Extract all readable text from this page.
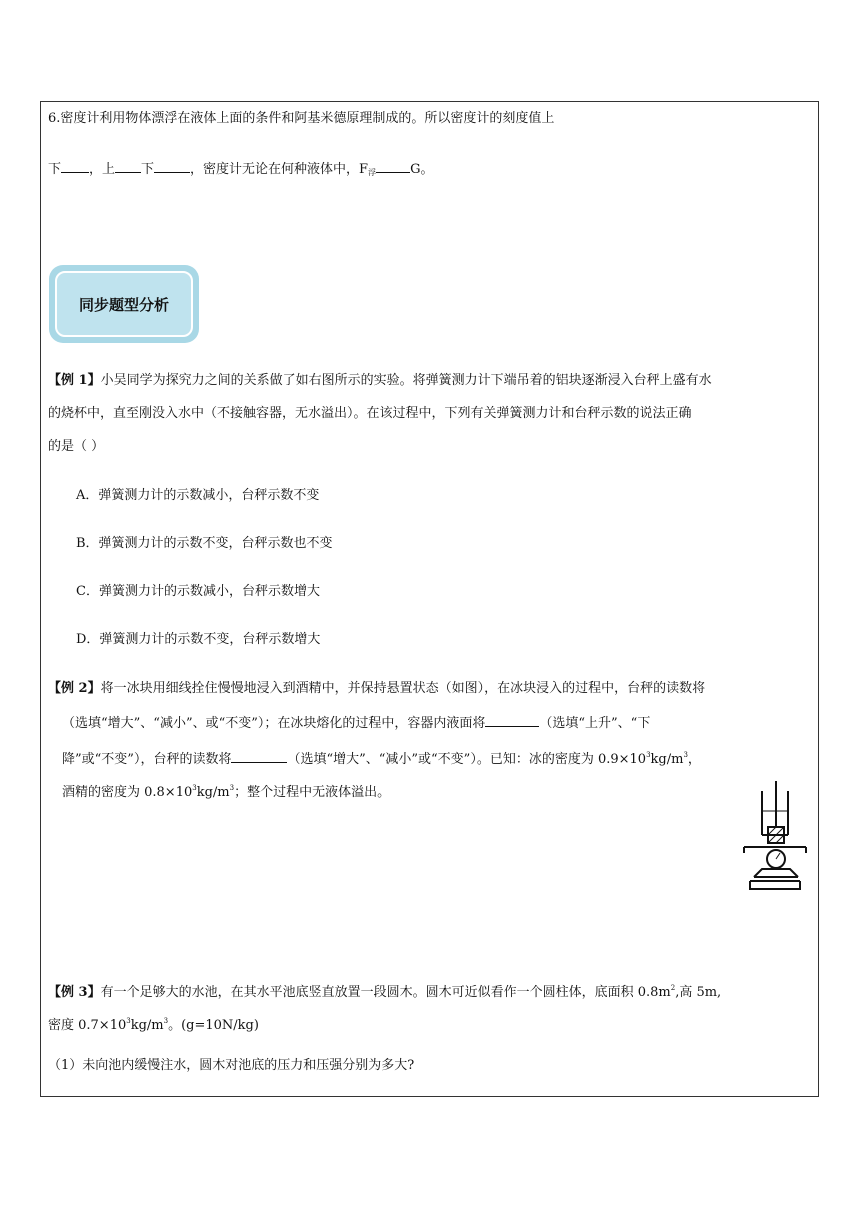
6.密度计利用物体漂浮在液体上面的条件和阿基米德原理制成的。所以密度计的刻度值上
下 ，上 下	，密度计无论在何种液体中，$F_浮$	G。
同步题型分析
【例 1】小吴同学为探究力之间的关系做了如右图所示的实验。将弹簧测力计下端吊着的铝块逐渐浸入台秤上盛有水
的烧杯中，直至刚没入水中（不接触容器，无水溢出）。在该过程中，下列有关弹簧测力计和台秤示数的说法正确
的是（ ）
A．弹簧测力计的示数减小，台秤示数不变
B．弹簧测力计的示数不变，台秤示数也不变
C．弹簧测力计的示数减小，台秤示数增大
D．弹簧测力计的示数不变，台秤示数增大
【例 2】将一冰块用细线拴住慢慢地浸入到酒精中，并保持悬置状态（如图），在冰块浸入的过程中，台秤的读数将
（选填“增大”、“减小”、或“不变”）；在冰块熔化的过程中，容器内液面将	（选填“上升”、“下
降”或“不变”），台秤的读数将	（选填“增大”、“减小”或“不变”）。已知：冰的密度为 $0.9\times 10^3kg/m^3$，
酒精的密度为 $0.8\times 10^3kg/m^3$；整个过程中无液体溢出。
【例 3】有一个足够大的水池，在其水平池底竖直放置一段圆木。圆木可近似看作一个圆柱体，底面积 $0.8m^2$,高 5m,
密度 $0.7\times 10^3kg/m^3$。(g=10N/kg)
（1）未向池内缓慢注水，圆木对池底的压力和压强分别为多大?
